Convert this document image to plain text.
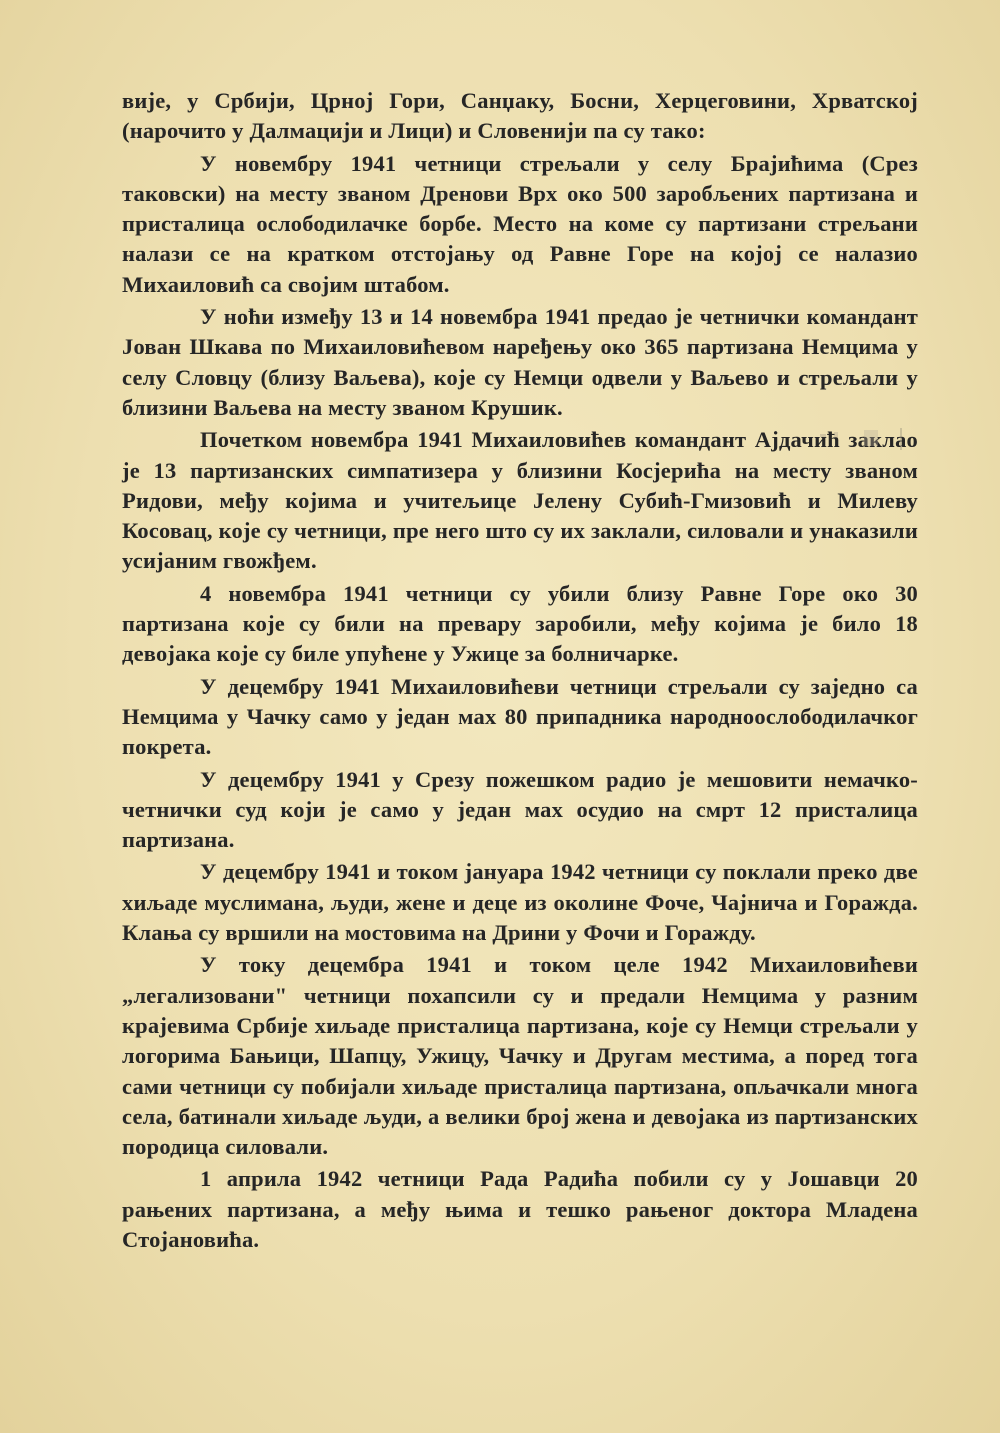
вије, у Србији, Црној Гори, Санџаку, Босни, Херцеговини, Хрватској (нарочито у Далмацији и Лици) и Словенији па су тако:

У новембру 1941 четници стрељали у селу Брајићима (Срез таковски) на месту званом Дренови Врх око 500 заробљених партизана и присталица ослободилачке борбе. Место на коме су партизани стрељани налази се на кратком отстојању од Равне Горе на којој се налазио Михаиловић са својим штабом.

У ноћи између 13 и 14 новембра 1941 предао је четнички командант Јован Шкава по Михаиловићевом наређењу око 365 партизана Немцима у селу Словцу (близу Ваљева), које су Немци одвели у Ваљево и стрељали у близини Ваљева на месту званом Крушик.

Почетком новембра 1941 Михаиловићев командант Ајдачић заклао је 13 партизанских симпатизера у близини Косјерића на месту званом Ридови, међу којима и учитељице Јелену Субић-Гмизовић и Милеву Косовац, које су четници, пре него што су их заклали, силовали и унаказили усијаним гвожђем.

4 новембра 1941 четници су убили близу Равне Горе око 30 партизана које су били на превару заробили, међу којима је било 18 девојака које су биле упућене у Ужице за болничарке.

У децембру 1941 Михаиловићеви четници стрељали су заједно са Немцима у Чачку само у један мах 80 припадника народноослободилачког покрета.

У децембру 1941 у Срезу пожешком радио је мешовити немачко-четнички суд који је само у један мах осудио на смрт 12 присталица партизана.

У децембру 1941 и током јануара 1942 четници су поклали преко две хиљаде муслимана, људи, жене и деце из околине Фоче, Чајнича и Горажда. Клања су вршили на мостовима на Дрини у Фочи и Горажду.

У току децембра 1941 и током целе 1942 Михаиловићеви „легализовани" четници похапсили су и предали Немцима у разним крајевима Србије хиљаде присталица партизана, које су Немци стрељали у логорима Бањици, Шапцу, Ужицу, Чачку и Другам местима, а поред тога сами четници су побијали хиљаде присталица партизана, опљачкали многа села, батинали хиљаде људи, а велики број жена и девојака из партизанских породица силовали.

1 априла 1942 четници Рада Радића побили су у Јошавци 20 рањених партизана, а међу њима и тешко рањеног доктора Младена Стојановића.
